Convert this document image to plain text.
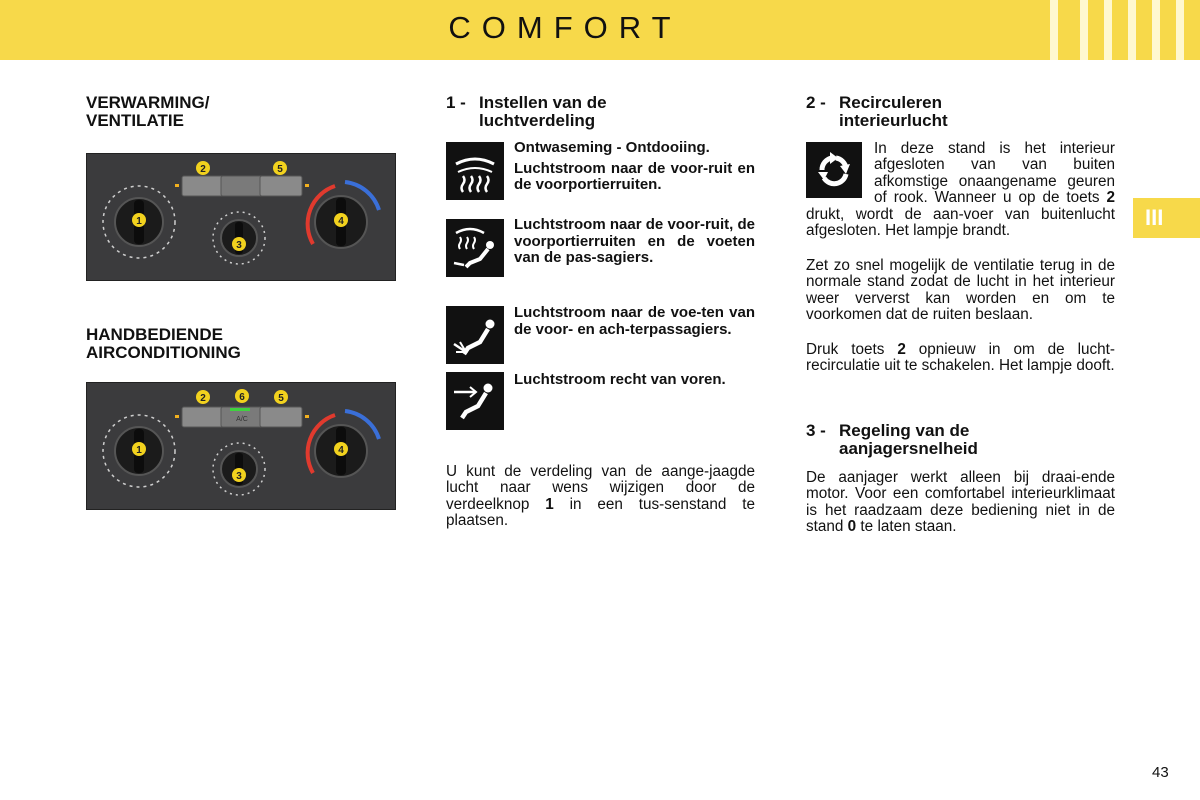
COMFORT
III
VERWARMING/
VENTILATIE
2	5
1
3
4
HANDBEDIENDE
AIRCONDITIONING
A/C
2	6	5
1
3
4
1 - Instellen van de
luchtverdeling
Ontwaseming - Ontdooiing.
Luchtstroom naar de voor-ruit en de voorportierruiten.
Luchtstroom naar de voor-ruit, de voorportierruiten en de voeten van de pas-sagiers.
Luchtstroom naar de voe-ten van de voor- en ach-terpassagiers.
Luchtstroom recht van voren.

U kunt de verdeling van de aange-jaagde lucht naar wens wijzigen door de verdeelknop 1 in een tus-senstand te plaatsen.

2 - Recirculeren
interieurlucht
In deze stand is het interieur afgesloten van van buiten afkomstige onaangename geuren of rook. Wanneer u op de toets 2 drukt, wordt de aan-voer van buitenlucht afgesloten. Het lampje brandt.

Zet zo snel mogelijk de ventilatie terug in de normale stand zodat de lucht in het interieur weer ververst kan worden en om te voorkomen dat de ruiten beslaan.

Druk toets 2 opnieuw in om de lucht-recirculatie uit te schakelen. Het lampje dooft.

3 - Regeling van de
aanjagersnelheid

De aanjager werkt alleen bij draai-ende motor. Voor een comfortabel interieurklimaat is het raadzaam deze bediening niet in de stand 0 te laten staan.

43
